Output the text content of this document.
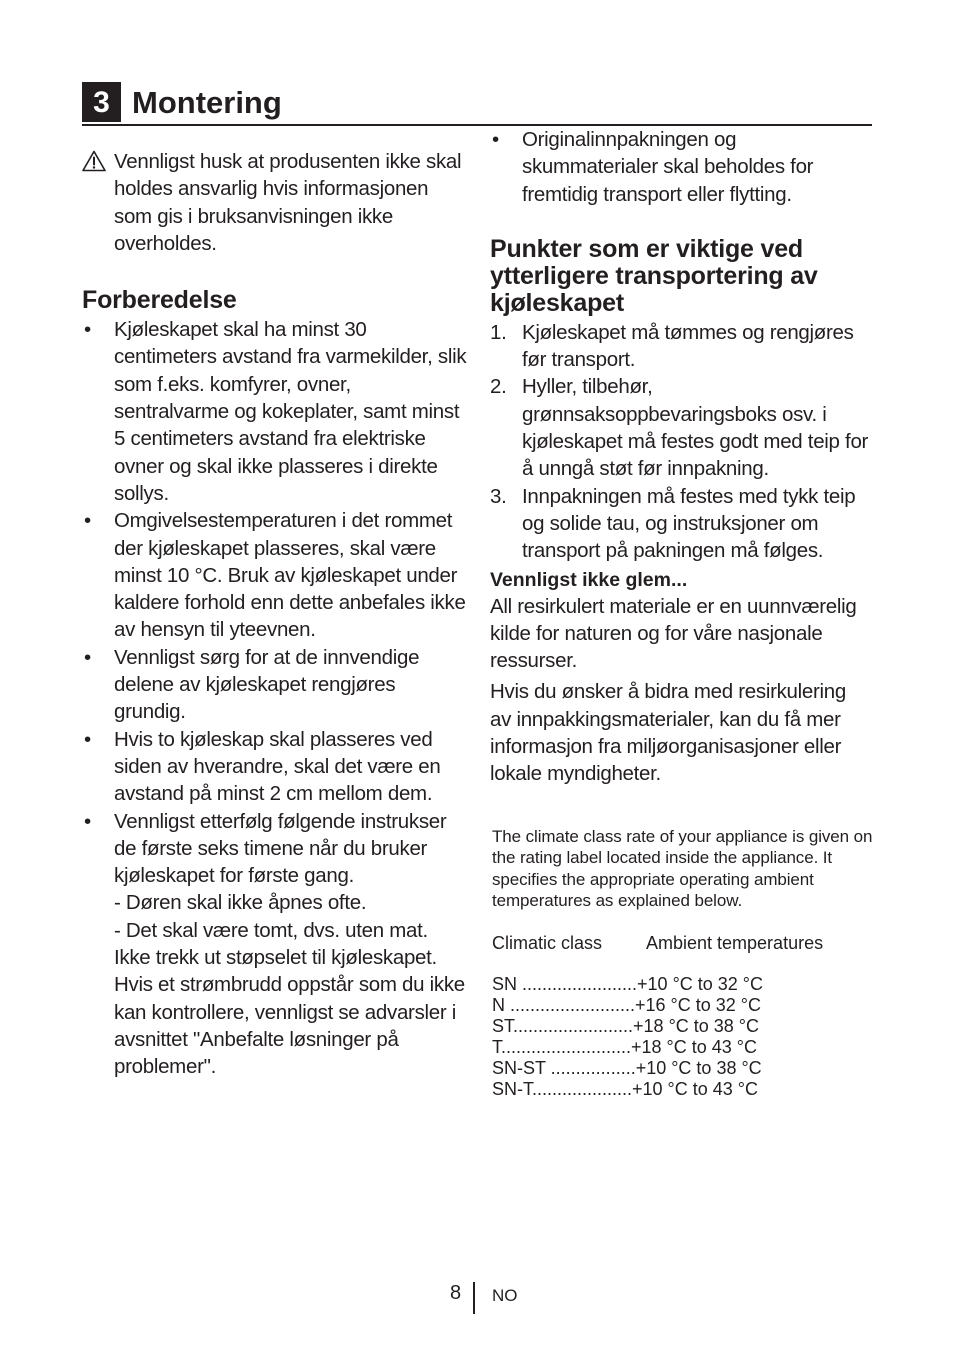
3 Montering
Vennligst husk at produsenten ikke skal holdes ansvarlig hvis informasjonen som gis i bruksanvisningen ikke overholdes.
Forberedelse
• Kjøleskapet skal ha minst 30 centimeters avstand fra varmekilder, slik som f.eks. komfyrer, ovner, sentralvarme og kokeplater, samt minst 5 centimeters avstand fra elektriske ovner og skal ikke plasseres i direkte sollys.
• Omgivelsestemperaturen i det rommet der kjøleskapet plasseres, skal være minst 10 °C. Bruk av kjøleskapet under kaldere forhold enn dette anbefales ikke av hensyn til yteevnen.
• Vennligst sørg for at de innvendige delene av kjøleskapet rengjøres grundig.
• Hvis to kjøleskap skal plasseres ved siden av hverandre, skal det være en avstand på minst 2 cm mellom dem.
• Vennligst etterfølg følgende instrukser de første seks timene når du bruker kjøleskapet for første gang.
- Døren skal ikke åpnes ofte.
- Det skal være tomt, dvs. uten mat.
Ikke trekk ut støpselet til kjøleskapet. Hvis et strømbrudd oppstår som du ikke kan kontrollere, vennligst se advarsler i avsnittet "Anbefalte løsninger på problemer".
• Originalinnpakningen og skummaterialer skal beholdes for fremtidig transport eller flytting.
Punkter som er viktige ved ytterligere transportering av kjøleskapet
1. Kjøleskapet må tømmes og rengjøres før transport.
2. Hyller, tilbehør, grønnsaksoppbevaringsboks osv. i kjøleskapet må festes godt med teip for å unngå støt før innpakning.
3. Innpakningen må festes med tykk teip og solide tau, og instruksjoner om transport på pakningen må følges.
Vennligst ikke glem...
All resirkulert materiale er en uunnværelig kilde for naturen og for våre nasjonale ressurser.
Hvis du ønsker å bidra med resirkulering av innpakkingsmaterialer, kan du få mer informasjon fra miljøorganisasjoner eller lokale myndigheter.
The climate class rate of your appliance is given on the rating label located inside the appliance. It specifies the appropriate operating ambient temperatures as explained below.
Climatic class	Ambient temperatures
SN .......................+10 °C to 32 °C
N .........................+16 °C to 32 °C
ST........................+18 °C to 38 °C
T..........................+18 °C to 43 °C
SN-ST .................+10 °C to 38 °C
SN-T....................+10 °C to 43 °C
8 NO
